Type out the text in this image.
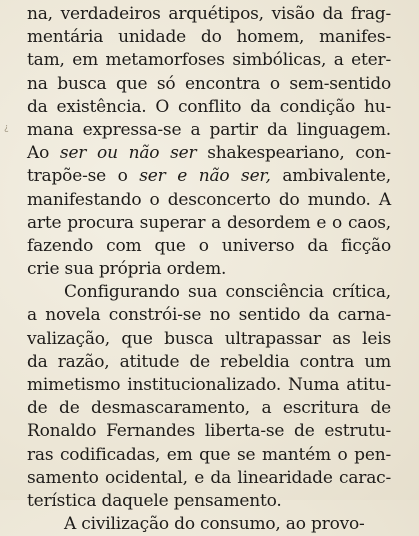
¿
na, verdadeiros arquétipos, visão da frag-
mentária unidade do homem, manifes-
tam, em metamorfoses simbólicas, a eter-
na busca que só encontra o sem-sentido
da existência. O conflito da condição hu-
mana expressa-se a partir da linguagem.
Ao ser ou não ser shakespeariano, con-
trapõe-se o ser e não ser, ambivalente,
manifestando o desconcerto do mundo. A
arte procura superar a desordem e o caos,
fazendo com que o universo da ficção
crie sua própria ordem.
Configurando sua consciência crítica,
a novela constrói-se no sentido da carna-
valização, que busca ultrapassar as leis
da razão, atitude de rebeldia contra um
mimetismo institucionalizado. Numa atitu-
de de desmascaramento, a escritura de
Ronaldo Fernandes liberta-se de estrutu-
ras codificadas, em que se mantém o pen-
samento ocidental, e da linearidade carac-
terística daquele pensamento.
A civilização do consumo, ao provo-
